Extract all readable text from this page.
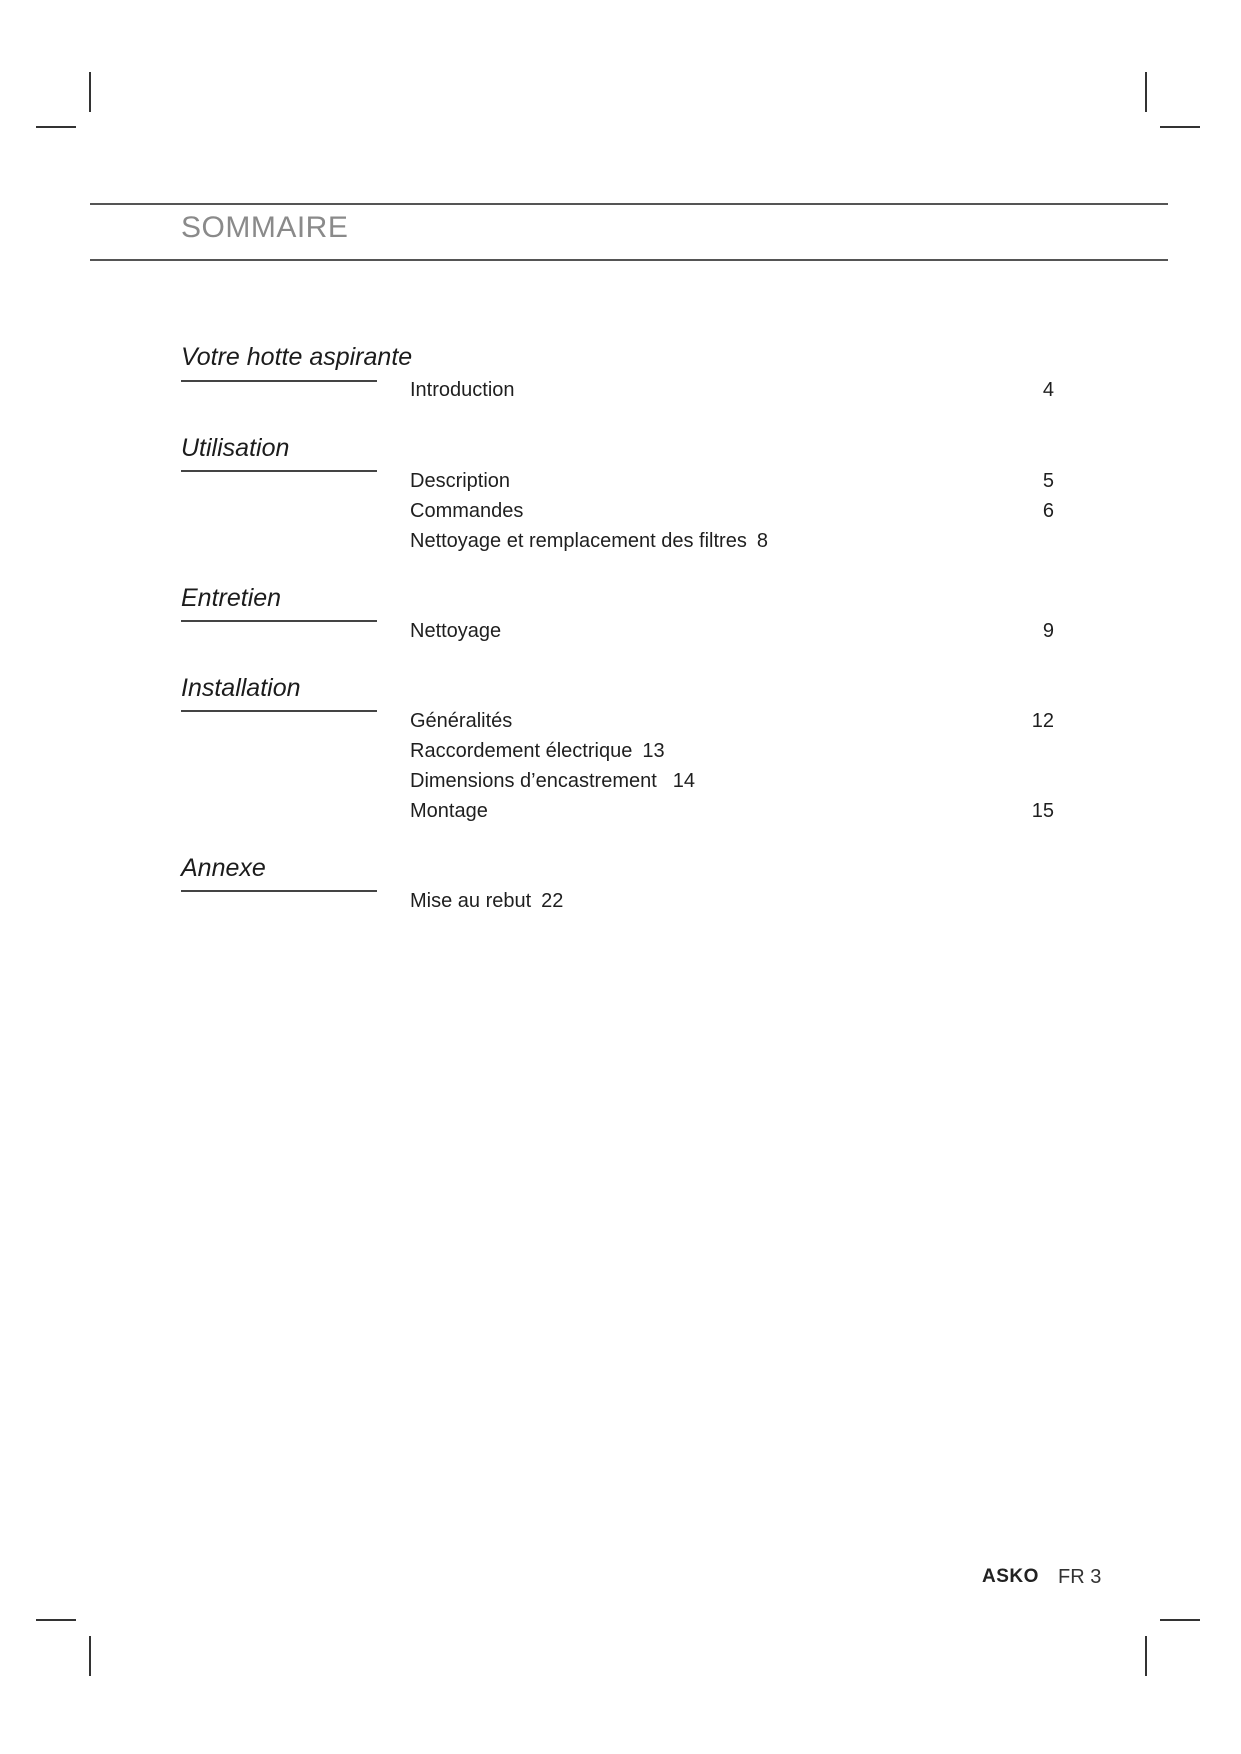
SOMMAIRE
Votre hotte aspirante
Introduction	4
Utilisation
Description	5
Commandes	6
Nettoyage et remplacement des filtres 8
Entretien
Nettoyage	9
Installation
Généralités	12
Raccordement électrique 13
Dimensions d’encastrement 14
Montage	15
Annexe
Mise au rebut 22
ASKO FR 3
